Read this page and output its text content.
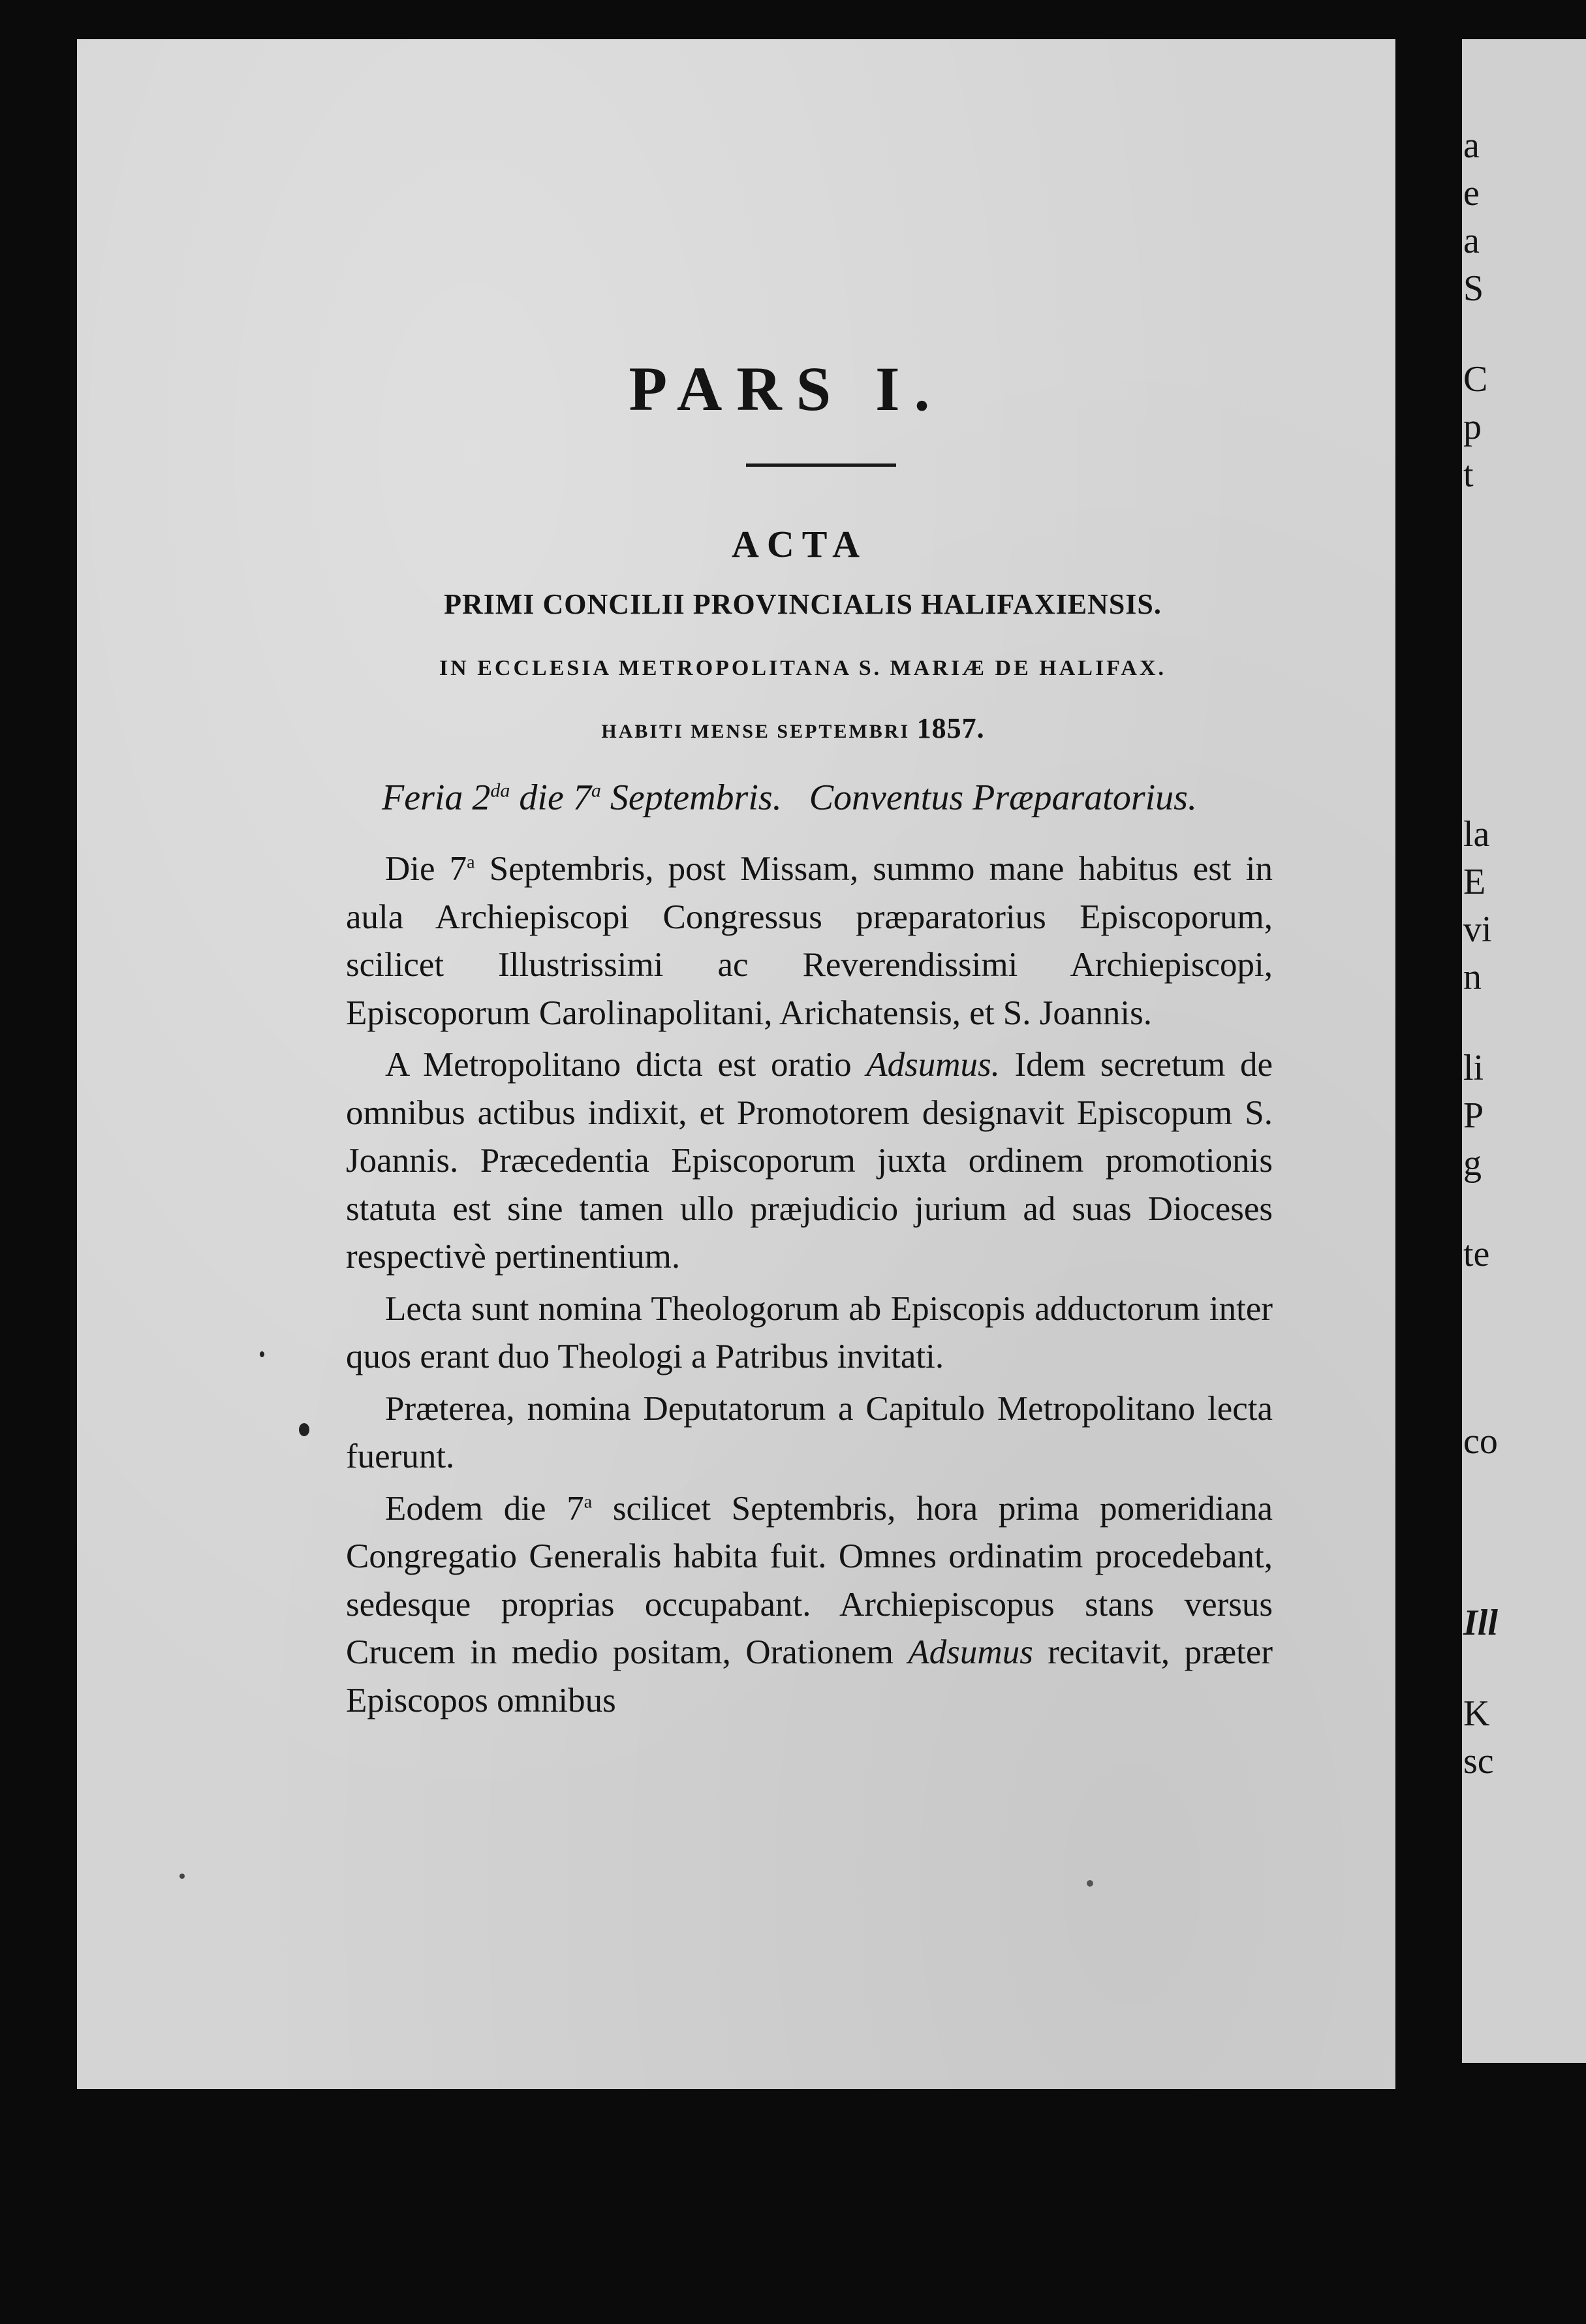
a
e
a
S
C
p
t
la
E
vi
n
li
P
g
te
co
Ill
K
sc
PARS I.
ACTA
PRIMI CONCILII PROVINCIALIS HALIFAXIENSIS.
IN ECCLESIA METROPOLITANA S. MARIÆ DE HALIFAX.
HABITI MENSE SEPTEMBRI 1857.
Feria $2^{da}$ die 7$^a$ Septembris.   Conventus Præparatorius.

Die 7$^a$ Septembris, post Missam, summo mane habitus est in aula Archiepiscopi Congressus præparatorius Episcoporum, scilicet Illustrissimi ac Reverendissimi Archiepiscopi, Episcoporum Carolinapolitani, Arichatensis, et S. Joannis.

A Metropolitano dicta est oratio Adsumus. Idem secretum de omnibus actibus indixit, et Promotorem designavit Episcopum S. Joannis. Præcedentia Episcoporum juxta ordinem promotionis statuta est sine tamen ullo præjudicio jurium ad suas Dioceses respectivè pertinentium.

Lecta sunt nomina Theologorum ab Episcopis adductorum inter quos erant duo Theologi a Patribus invitati.

Præterea, nomina Deputatorum a Capitulo Metropolitano lecta fuerunt.

Eodem die 7$^a$ scilicet Septembris, hora prima pomeridiana Congregatio Generalis habita fuit. Omnes ordinatim procedebant, sedesque proprias occupabant. Archiepiscopus stans versus Crucem in medio positam, Orationem Adsumus recitavit, præter Episcopos omnibus
